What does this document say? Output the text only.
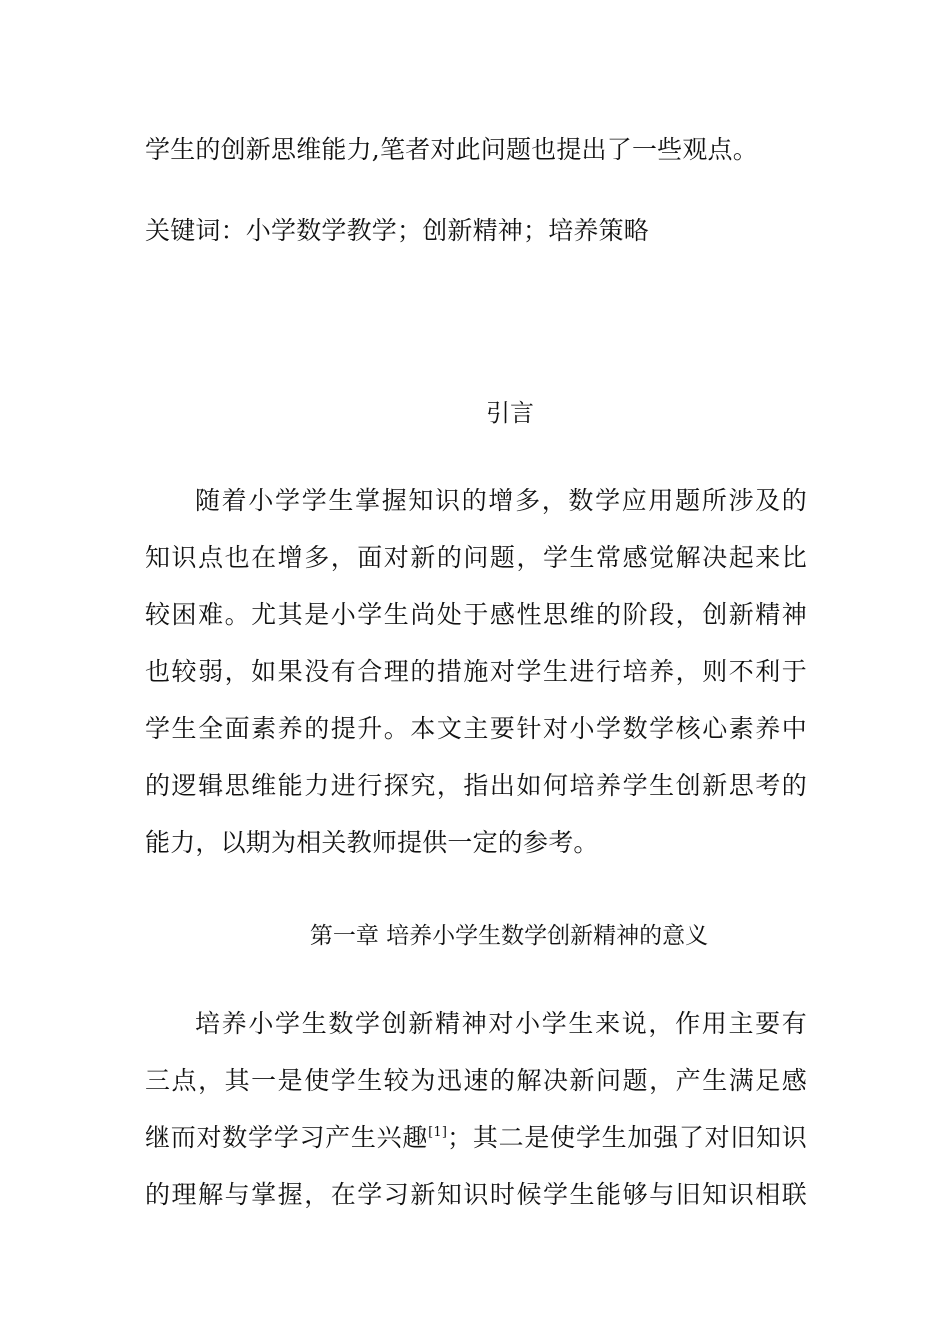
学生的创新思维能力,笔者对此问题也提出了一些观点。
关键词：小学数学教学；创新精神；培养策略
引言
随着小学学生掌握知识的增多，数学应用题所涉及的
知识点也在增多，面对新的问题，学生常感觉解决起来比
较困难。尤其是小学生尚处于感性思维的阶段，创新精神
也较弱，如果没有合理的措施对学生进行培养，则不利于
学生全面素养的提升。本文主要针对小学数学核心素养中
的逻辑思维能力进行探究，指出如何培养学生创新思考的
能力，以期为相关教师提供一定的参考。
第一章 培养小学生数学创新精神的意义
培养小学生数学创新精神对小学生来说，作用主要有
三点，其一是使学生较为迅速的解决新问题，产生满足感
继而对数学学习产生兴趣[1]；其二是使学生加强了对旧知识
的理解与掌握，在学习新知识时候学生能够与旧知识相联
